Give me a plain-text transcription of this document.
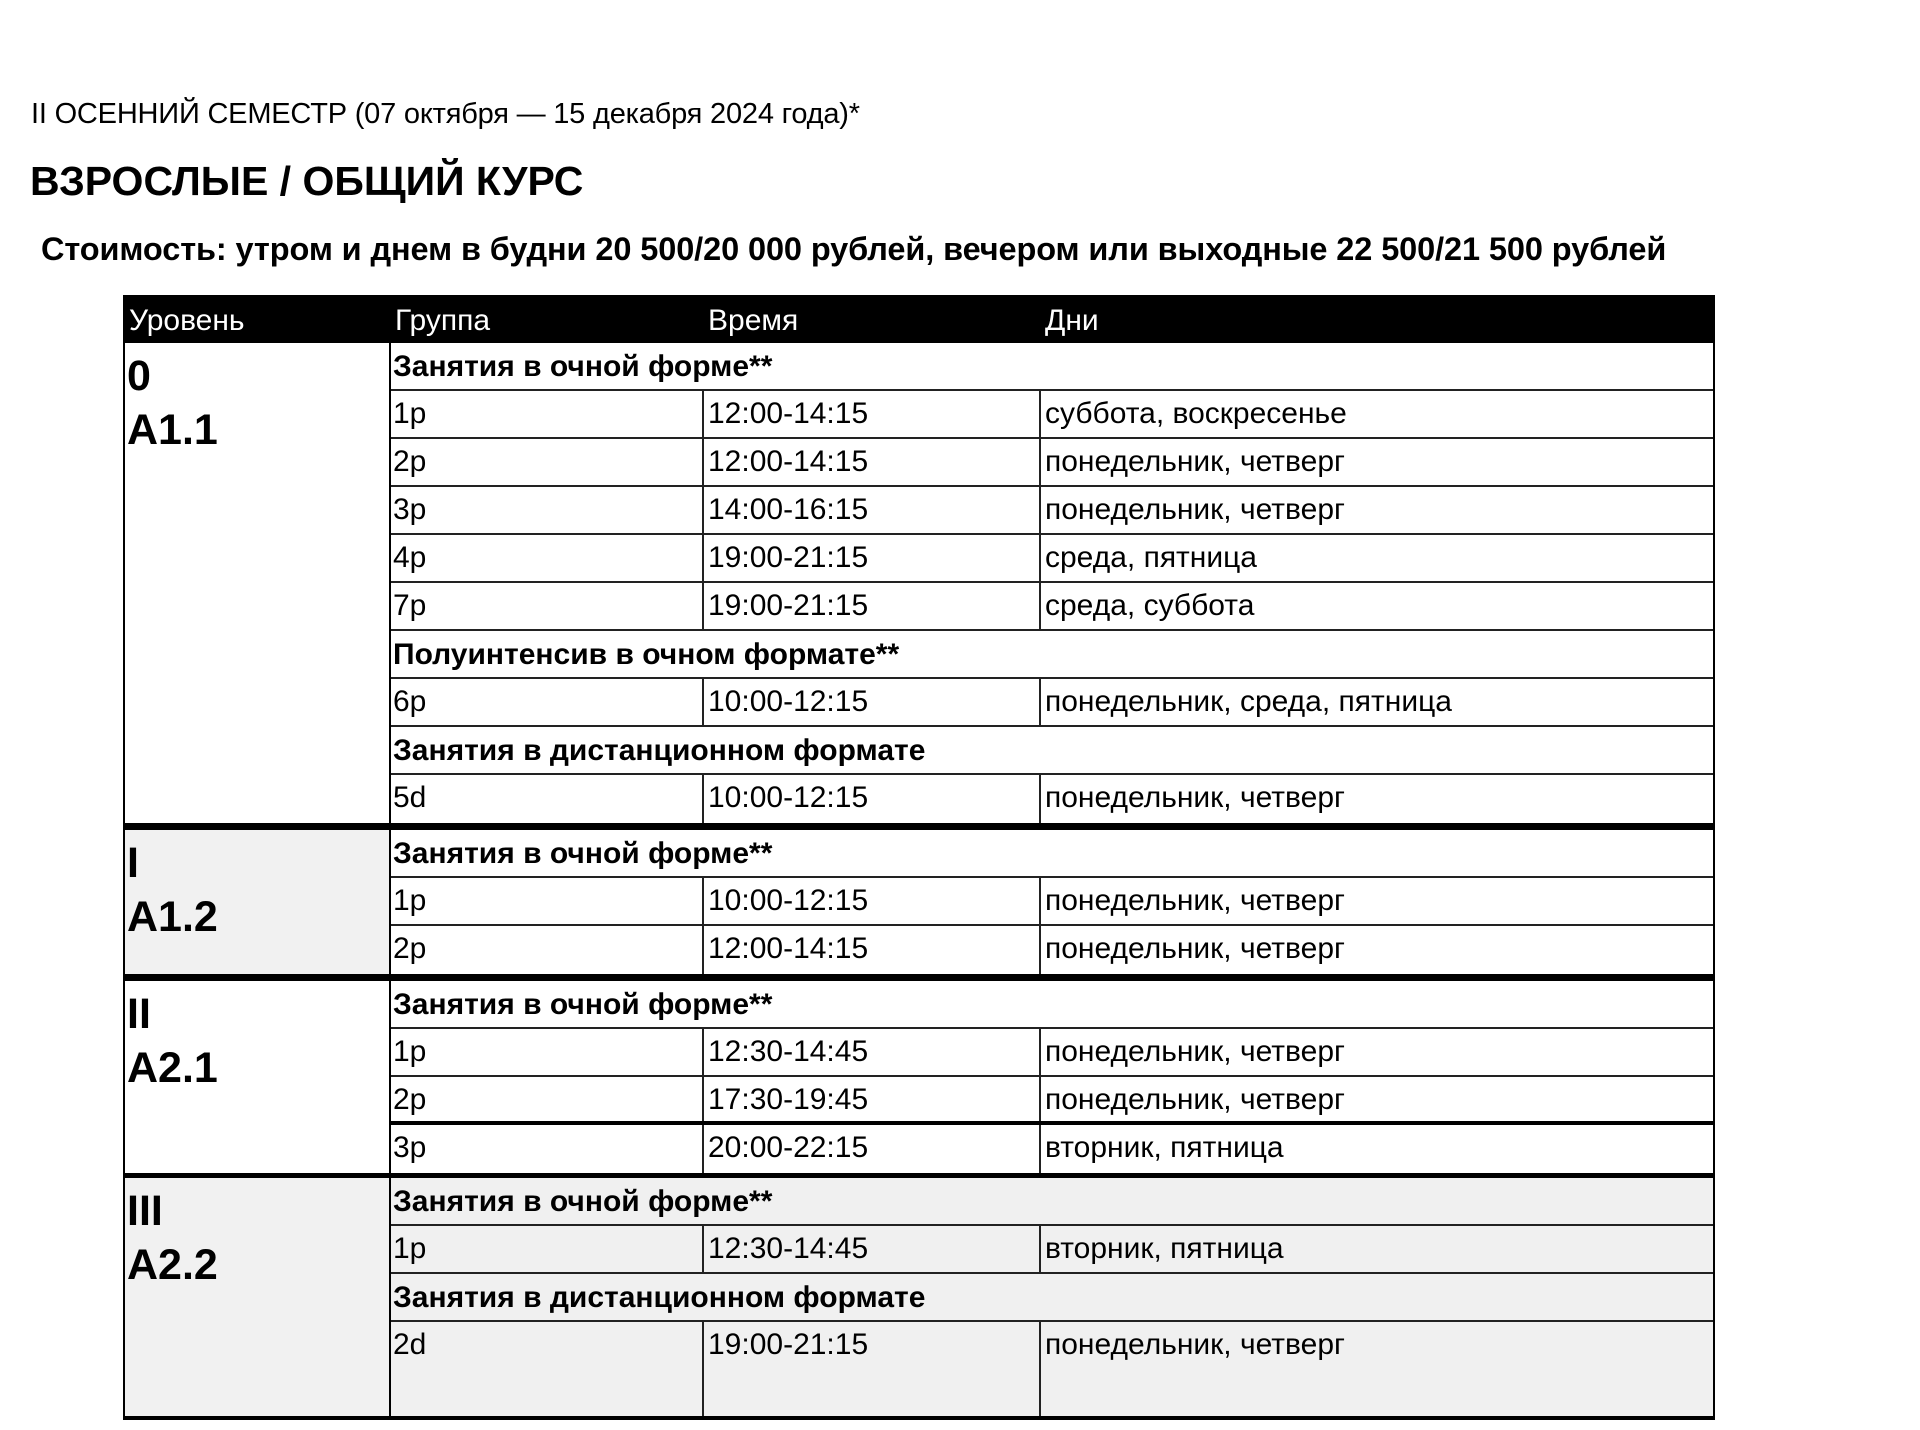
II ОСЕННИЙ СЕМЕСТР (07 октября — 15 декабря 2024 года)*
ВЗРОСЛЫЕ / ОБЩИЙ КУРС
Стоимость: утром и днем в будни 20 500/20 000 рублей, вечером или выходные 22 500/21 500 рублей
Уровень	Группа	Время	Дни
0
A1.1
Занятия в очной форме**
1p	12:00-14:15	суббота, воскресенье
2p	12:00-14:15	понедельник, четверг
3p	14:00-16:15	понедельник, четверг
4p	19:00-21:15	среда, пятница
7p	19:00-21:15	среда, суббота
Полуинтенсив в очном формате**
6p	10:00-12:15	понедельник, среда, пятница
Занятия в дистанционном формате
5d	10:00-12:15	понедельник, четверг
I
A1.2
Занятия в очной форме**
1p	10:00-12:15	понедельник, четверг
2p	12:00-14:15	понедельник, четверг
II
A2.1
Занятия в очной форме**
1p	12:30-14:45	понедельник, четверг
2p	17:30-19:45	понедельник, четверг
3p	20:00-22:15	вторник, пятница
III
A2.2
Занятия в очной форме**
1p	12:30-14:45	вторник, пятница
Занятия в дистанционном формате
2d	19:00-21:15	понедельник, четверг
